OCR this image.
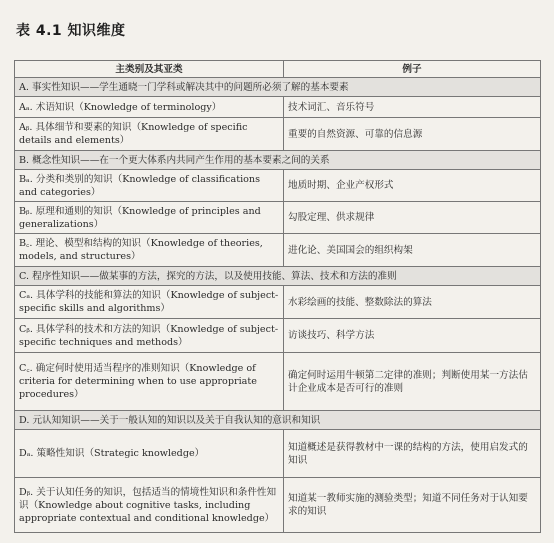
表 4.1 知识维度
主类别及其亚类	例子
A. 事实性知识——学生通晓一门学科或解决其中的问题所必须了解的基本要素	
Aₐ. 术语知识（Knowledge of terminology）	技术词汇、音乐符号
Aᵦ. 具体细节和要素的知识（Knowledge of specific details and elements）	重要的自然资源、可靠的信息源
B. 概念性知识——在一个更大体系内共同产生作用的基本要素之间的关系	
Bₐ. 分类和类别的知识（Knowledge of classifications and categories）	地质时期、企业产权形式
Bᵦ. 原理和通则的知识（Knowledge of principles and generalizations）	勾股定理、供求规律
B꜀. 理论、模型和结构的知识（Knowledge of theories, models, and structures）	进化论、美国国会的组织构架
C. 程序性知识——做某事的方法，探究的方法，以及使用技能、算法、技术和方法的准则	
Cₐ. 具体学科的技能和算法的知识（Knowledge of subject-specific skills and algorithms）	水彩绘画的技能、整数除法的算法
Cᵦ. 具体学科的技术和方法的知识（Knowledge of subject-specific techniques and methods）	访谈技巧、科学方法
C꜀. 确定何时使用适当程序的准则知识（Knowledge of criteria for determining when to use appropriate procedures）	确定何时运用牛顿第二定律的准则；判断使用某一方法估计企业成本是否可行的准则
D. 元认知知识——关于一般认知的知识以及关于自我认知的意识和知识	
Dₐ. 策略性知识（Strategic knowledge）	知道概述是获得教材中一课的结构的方法，使用启发式的知识
Dᵦ. 关于认知任务的知识，包括适当的情境性知识和条件性知识（Knowledge about cognitive tasks, including appropriate contextual and conditional knowledge）	知道某一教师实施的测验类型；知道不同任务对于认知要求的知识
